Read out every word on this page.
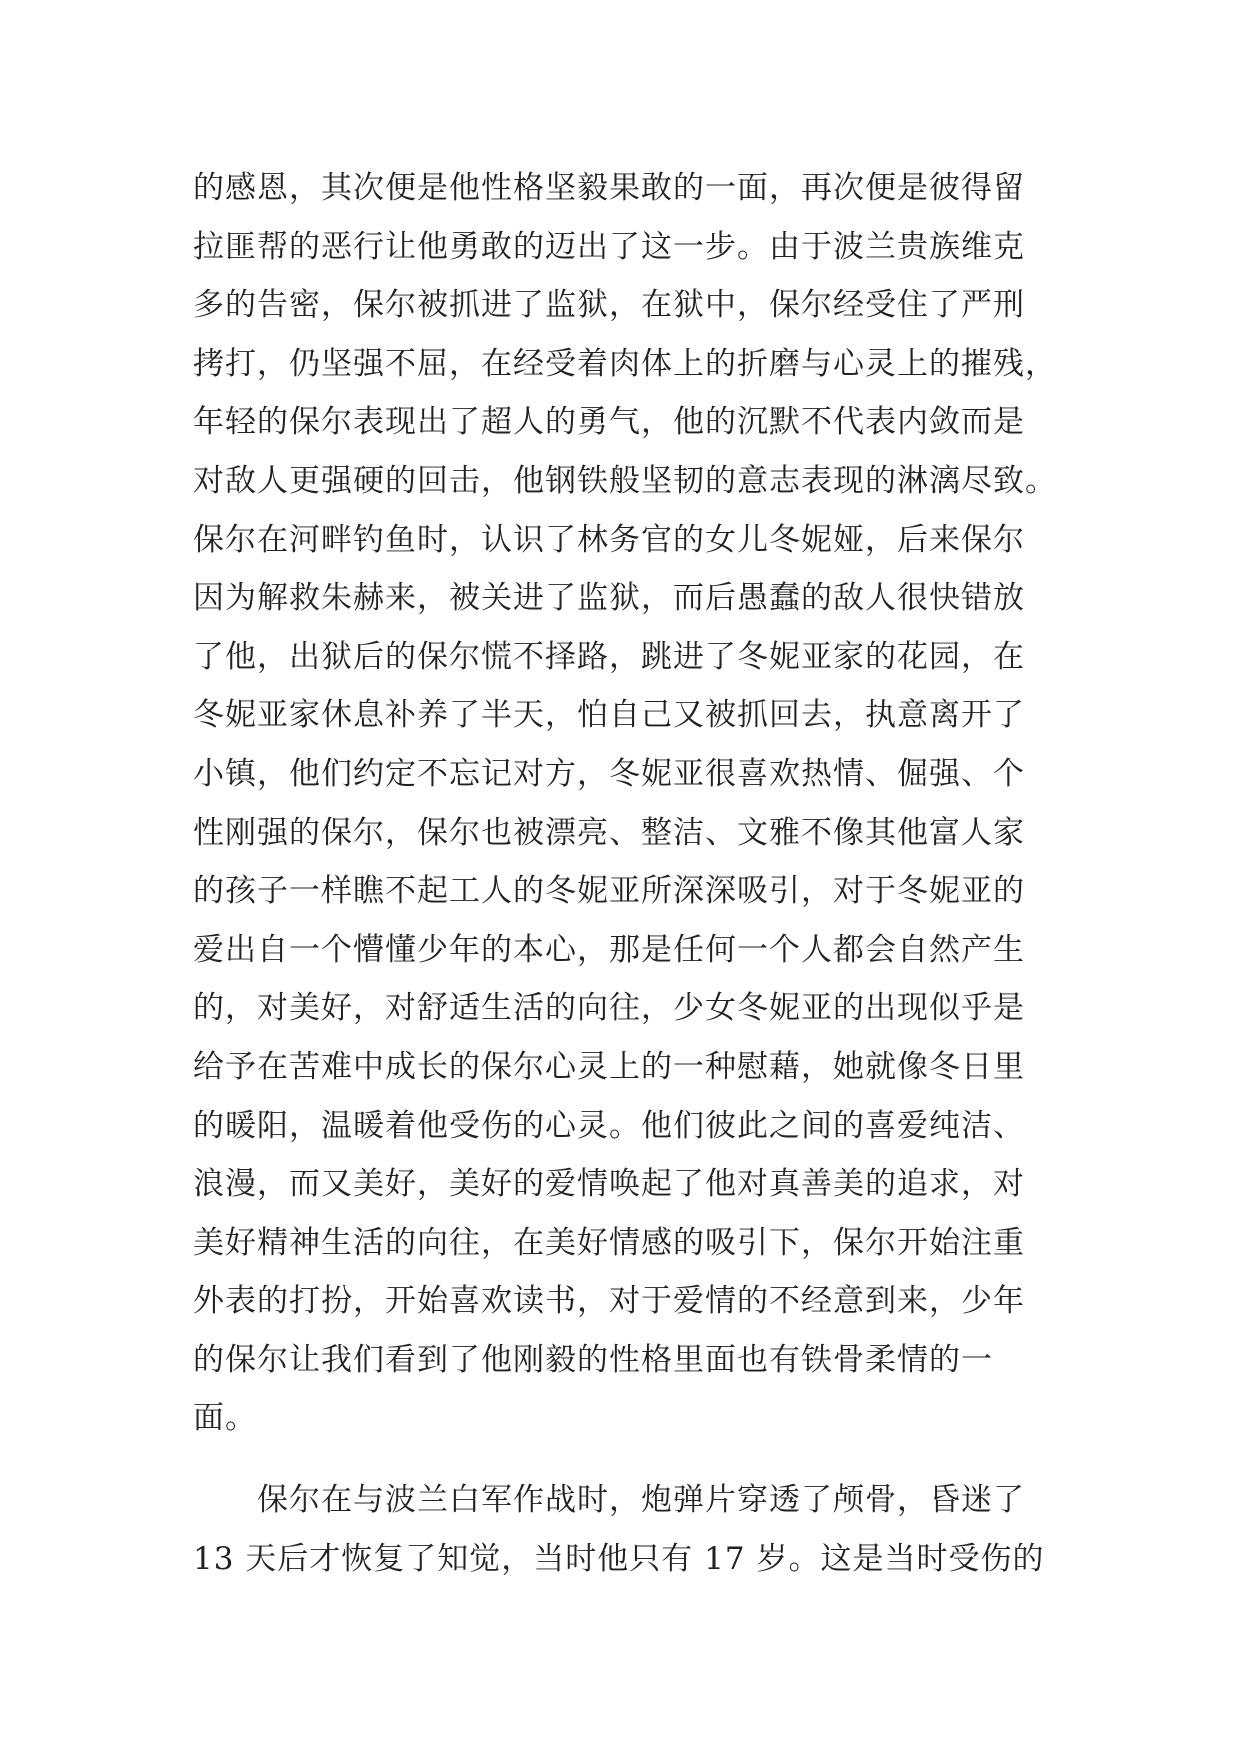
的感恩，其次便是他性格坚毅果敢的一面，再次便是彼得留
拉匪帮的恶行让他勇敢的迈出了这一步。由于波兰贵族维克
多的告密，保尔被抓进了监狱，在狱中，保尔经受住了严刑
拷打，仍坚强不屈，在经受着肉体上的折磨与心灵上的摧残，
年轻的保尔表现出了超人的勇气，他的沉默不代表内敛而是
对敌人更强硬的回击，他钢铁般坚韧的意志表现的淋漓尽致。
保尔在河畔钓鱼时，认识了林务官的女儿冬妮娅，后来保尔
因为解救朱赫来，被关进了监狱，而后愚蠢的敌人很快错放
了他，出狱后的保尔慌不择路，跳进了冬妮亚家的花园，在
冬妮亚家休息补养了半天，怕自己又被抓回去，执意离开了
小镇，他们约定不忘记对方，冬妮亚很喜欢热情、倔强、个
性刚强的保尔，保尔也被漂亮、整洁、文雅不像其他富人家
的孩子一样瞧不起工人的冬妮亚所深深吸引，对于冬妮亚的
爱出自一个懵懂少年的本心，那是任何一个人都会自然产生
的，对美好，对舒适生活的向往，少女冬妮亚的出现似乎是
给予在苦难中成长的保尔心灵上的一种慰藉，她就像冬日里
的暖阳，温暖着他受伤的心灵。他们彼此之间的喜爱纯洁、
浪漫，而又美好，美好的爱情唤起了他对真善美的追求，对
美好精神生活的向往，在美好情感的吸引下，保尔开始注重
外表的打扮，开始喜欢读书，对于爱情的不经意到来，少年
的保尔让我们看到了他刚毅的性格里面也有铁骨柔情的一
面。
　　保尔在与波兰白军作战时，炮弹片穿透了颅骨，昏迷了
13 天后才恢复了知觉，当时他只有 17 岁。这是当时受伤的
